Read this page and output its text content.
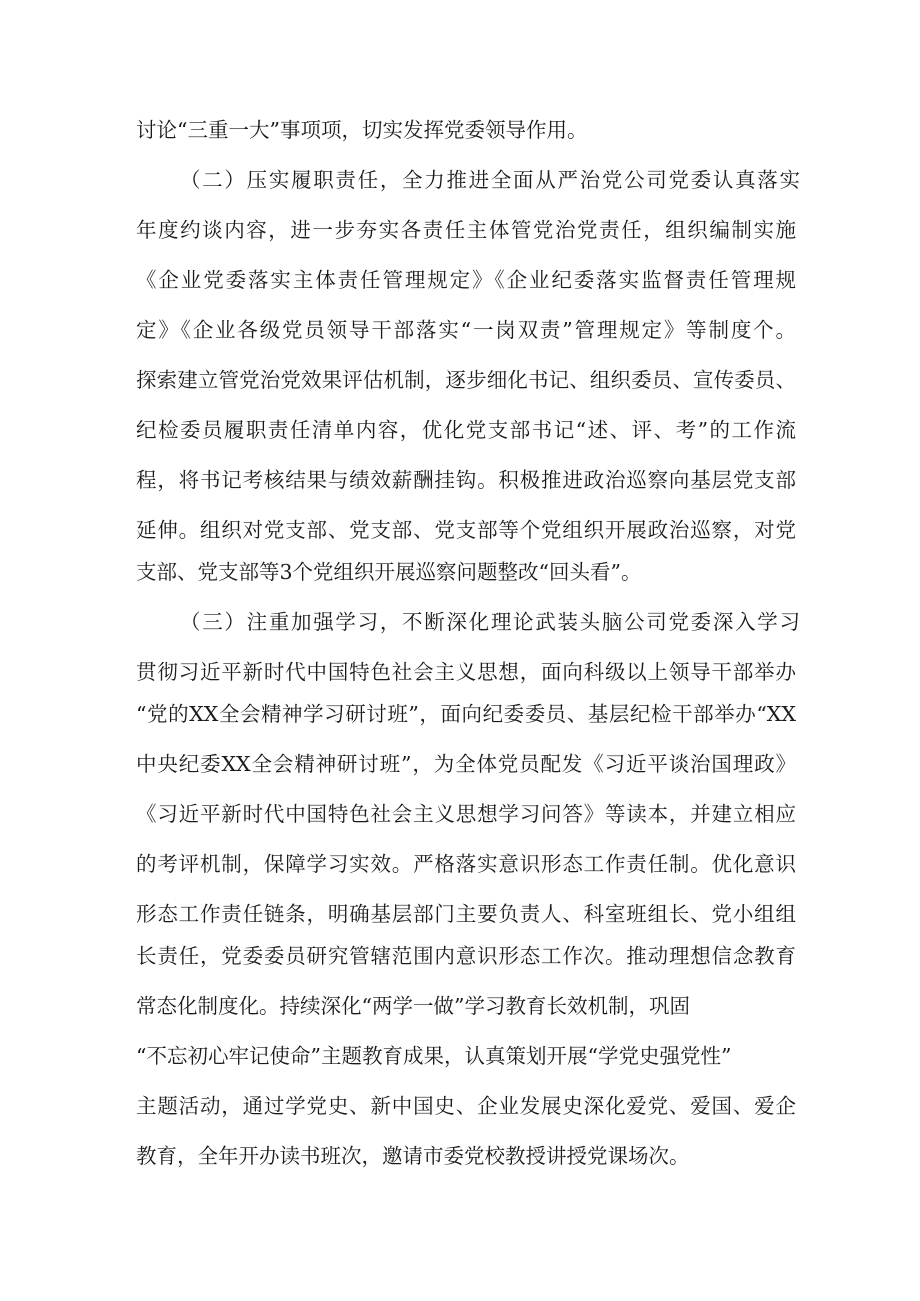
讨论“三重一大”事项项，切实发挥党委领导作用。
（二）压实履职责任，全力推进全面从严治党公司党委认真落实
年度约谈内容，进一步夯实各责任主体管党治党责任，组织编制实施
《企业党委落实主体责任管理规定》《企业纪委落实监督责任管理规
定》《企业各级党员领导干部落实“一岗双责”管理规定》等制度个。
探索建立管党治党效果评估机制，逐步细化书记、组织委员、宣传委员、
纪检委员履职责任清单内容，优化党支部书记“述、评、考”的工作流
程，将书记考核结果与绩效薪酬挂钩。积极推进政治巡察向基层党支部
延伸。组织对党支部、党支部、党支部等个党组织开展政治巡察，对党
支部、党支部等3个党组织开展巡察问题整改“回头看”。
（三）注重加强学习，不断深化理论武装头脑公司党委深入学习
贯彻习近平新时代中国特色社会主义思想，面向科级以上领导干部举办
“党的XX全会精神学习研讨班”，面向纪委委员、基层纪检干部举办“XX
中央纪委XX全会精神研讨班”，为全体党员配发《习近平谈治国理政》
《习近平新时代中国特色社会主义思想学习问答》等读本，并建立相应
的考评机制，保障学习实效。严格落实意识形态工作责任制。优化意识
形态工作责任链条，明确基层部门主要负责人、科室班组长、党小组组
长责任，党委委员研究管辖范围内意识形态工作次。推动理想信念教育
常态化制度化。持续深化“两学一做”学习教育长效机制，巩固
“不忘初心牢记使命”主题教育成果，认真策划开展“学党史强党性”
主题活动，通过学党史、新中国史、企业发展史深化爱党、爱国、爱企
教育，全年开办读书班次，邀请市委党校教授讲授党课场次。
